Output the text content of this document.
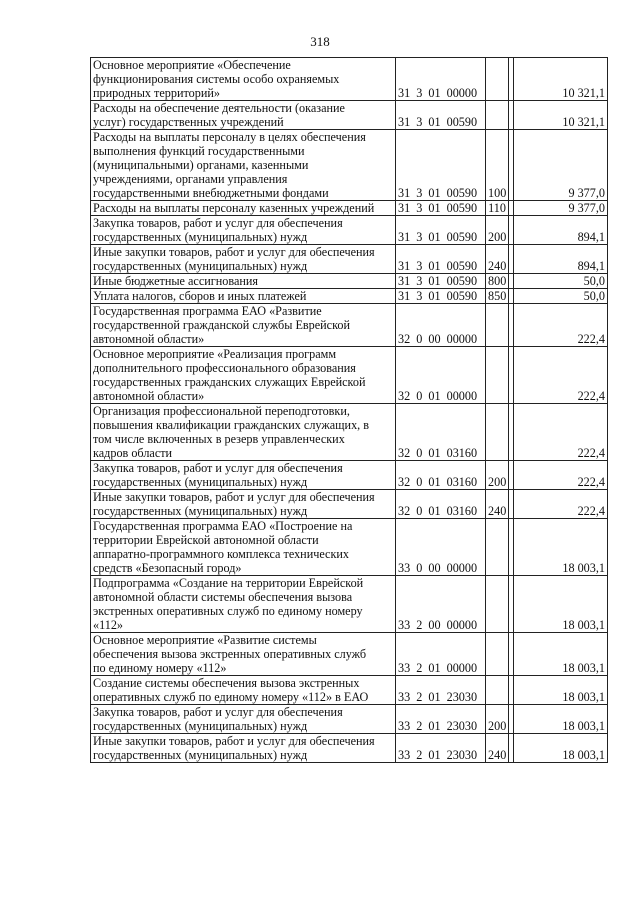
318
Основное мероприятие «Обеспечение
функционирования системы особо охраняемых
природных территорий»	31 3 01 00000			10 321,1

Расходы на обеспечение деятельности (оказание
услуг) государственных учреждений	31 3 01 00590			10 321,1

Расходы на выплаты персоналу в целях обеспечения
выполнения функций государственными
(муниципальными) органами, казенными
учреждениями, органами управления
государственными внебюджетными фондами	31 3 01 00590	100		9 377,0
Расходы на выплаты персоналу казенных учреждений	31 3 01 00590	110		9 377,0

Закупка товаров, работ и услуг для обеспечения
государственных (муниципальных) нужд	31 3 01 00590	200		894,1

Иные закупки товаров, работ и услуг для обеспечения
государственных (муниципальных) нужд	31 3 01 00590	240		894,1
Иные бюджетные ассигнования	31 3 01 00590	800		50,0
Уплата налогов, сборов и иных платежей	31 3 01 00590	850		50,0

Государственная программа ЕАО «Развитие
государственной гражданской службы Еврейской
автономной области»	32 0 00 00000			222,4

Основное мероприятие «Реализация программ
дополнительного профессионального образования
государственных гражданских служащих Еврейской
автономной области»	32 0 01 00000			222,4

Организация профессиональной переподготовки,
повышения квалификации гражданских служащих, в
том числе включенных в резерв управленческих
кадров области	32 0 01 03160			222,4

Закупка товаров, работ и услуг для обеспечения
государственных (муниципальных) нужд	32 0 01 03160	200		222,4

Иные закупки товаров, работ и услуг для обеспечения
государственных (муниципальных) нужд	32 0 01 03160	240		222,4

Государственная программа ЕАО «Построение на
территории Еврейской автономной области
аппаратно-программного комплекса технических
средств «Безопасный город»	33 0 00 00000			18 003,1

Подпрограмма «Создание на территории Еврейской
автономной области системы обеспечения вызова
экстренных оперативных служб по единому номеру
«112»	33 2 00 00000			18 003,1

Основное мероприятие «Развитие системы
обеспечения вызова экстренных оперативных служб
по единому номеру «112»	33 2 01 00000			18 003,1

Создание системы обеспечения вызова экстренных
оперативных служб по единому номеру «112» в ЕАО	33 2 01 23030			18 003,1

Закупка товаров, работ и услуг для обеспечения
государственных (муниципальных) нужд	33 2 01 23030	200		18 003,1

Иные закупки товаров, работ и услуг для обеспечения
государственных (муниципальных) нужд	33 2 01 23030	240		18 003,1
